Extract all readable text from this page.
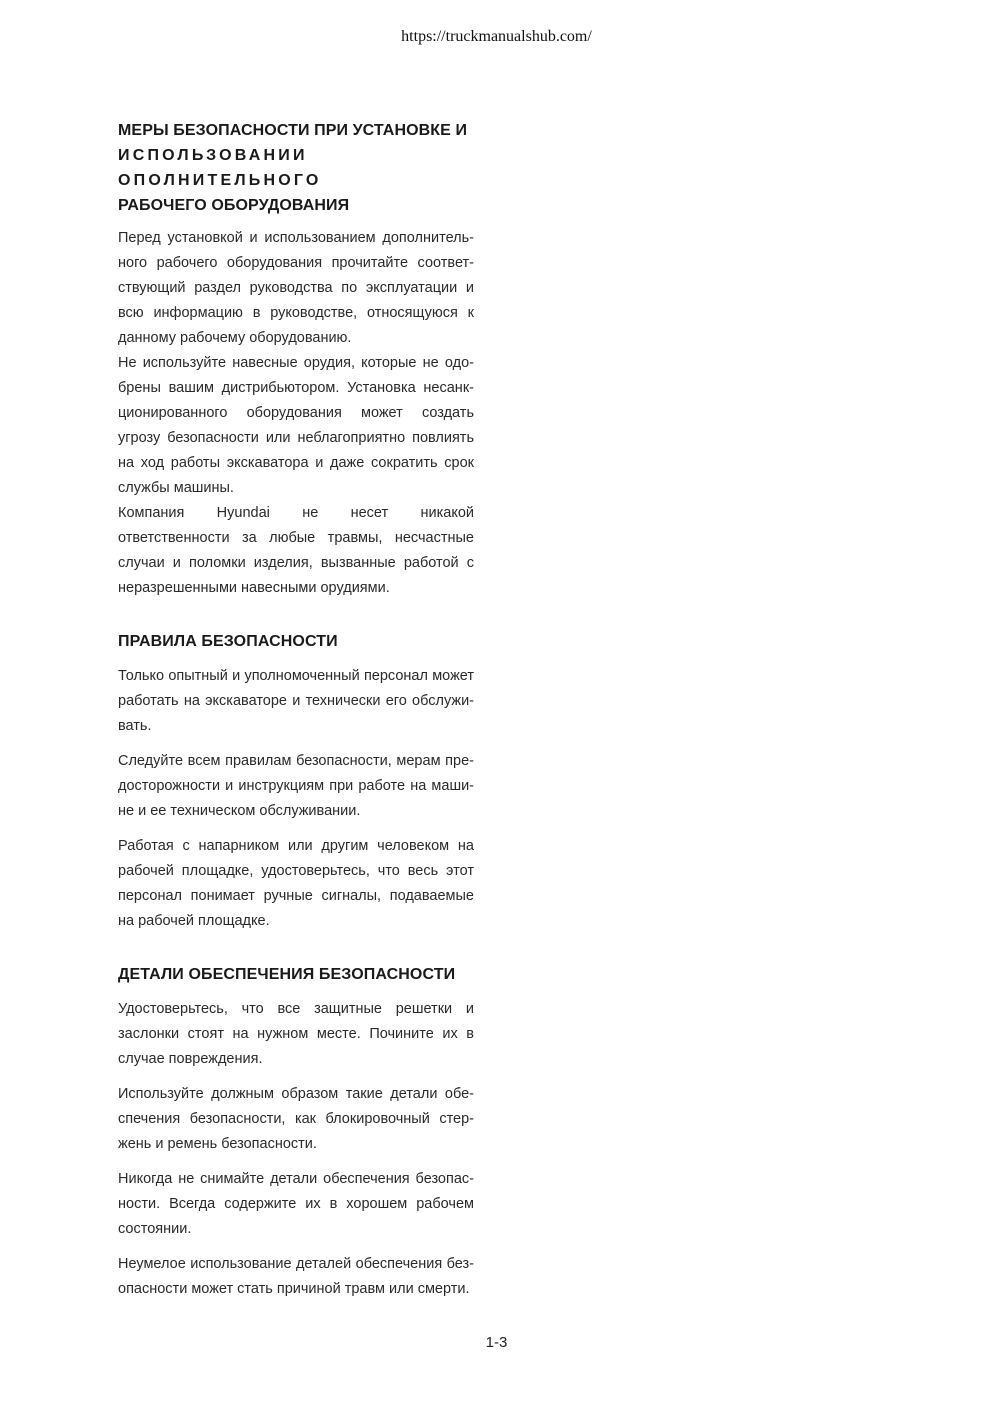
https://truckmanualshub.com/
МЕРЫ БЕЗОПАСНОСТИ ПРИ УСТАНОВКЕ И
ИСПОЛЬЗОВАНИИ ОПОЛНИТЕЛЬНОГО
РАБОЧЕГО ОБОРУДОВАНИЯ

Перед установкой и использованием дополнитель-ного рабочего оборудования прочитайте соответ-ствующий раздел руководства по эксплуатации и всю информацию в руководстве, относящуюся к данному рабочему оборудованию.

Не используйте навесные орудия, которые не одо-брены вашим дистрибьютором. Установка несанк-ционированного оборудования может создать угрозу безопасности или неблагоприятно повлиять на ход работы экскаватора и даже сократить срок службы машины.

Компания Hyundai не несет никакой ответственности за любые травмы, несчастные случаи и поломки изделия, вызванные работой с неразрешенными навесными орудиями.

ПРАВИЛА БЕЗОПАСНОСТИ

Только опытный и уполномоченный персонал может работать на экскаваторе и технически его обслужи-вать.

Следуйте всем правилам безопасности, мерам пре-досторожности и инструкциям при работе на маши-не и ее техническом обслуживании.

Работая с напарником или другим человеком на рабочей площадке, удостоверьтесь, что весь этот персонал понимает ручные сигналы, подаваемые на рабочей площадке.

ДЕТАЛИ ОБЕСПЕЧЕНИЯ БЕЗОПАСНОСТИ

Удостоверьтесь, что все защитные решетки и заслонки стоят на нужном месте. Почините их в случае повреждения.

Используйте должным образом такие детали обе-спечения безопасности, как блокировочный стер-жень и ремень безопасности.

Никогда не снимайте детали обеспечения безопас-ности. Всегда содержите их в хорошем рабочем состоянии.

Неумелое использование деталей обеспечения без-опасности может стать причиной травм или смерти.

1-3
